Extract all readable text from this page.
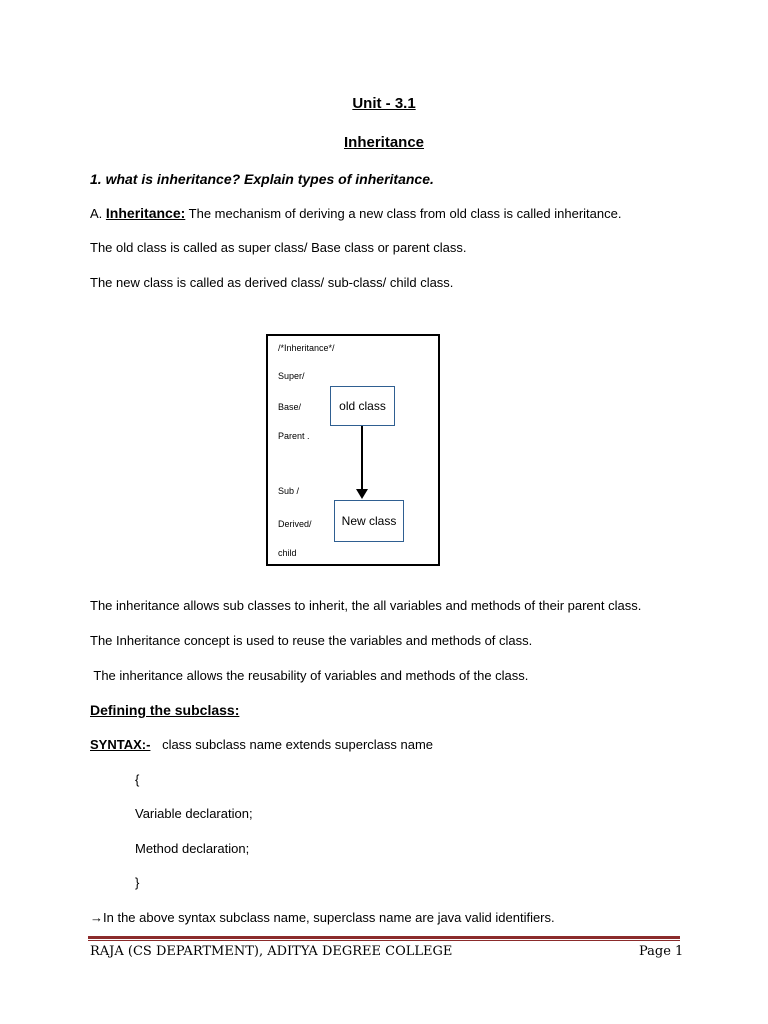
Unit - 3.1
Inheritance
1. what is inheritance? Explain types of inheritance.
A. Inheritance: The mechanism of deriving a new class from old class is called inheritance.
The old class is called as super class/ Base class or parent class.
The new class is called as derived class/ sub-class/ child class.
/*Inheritance*/
Super/
Base/
Parent .
Sub /
Derived/
child
old class
New class
The inheritance allows sub classes to inherit, the all variables and methods of their parent class.
The Inheritance concept is used to reuse the variables and methods of class.
The inheritance allows the reusability of variables and methods of the class.
Defining the subclass:
SYNTAX:- class subclass name extends superclass name
{
Variable declaration;
Method declaration;
}
→In the above syntax subclass name, superclass name are java valid identifiers.
RAJA (CS DEPARTMENT), ADITYA DEGREE COLLEGE	Page 1
